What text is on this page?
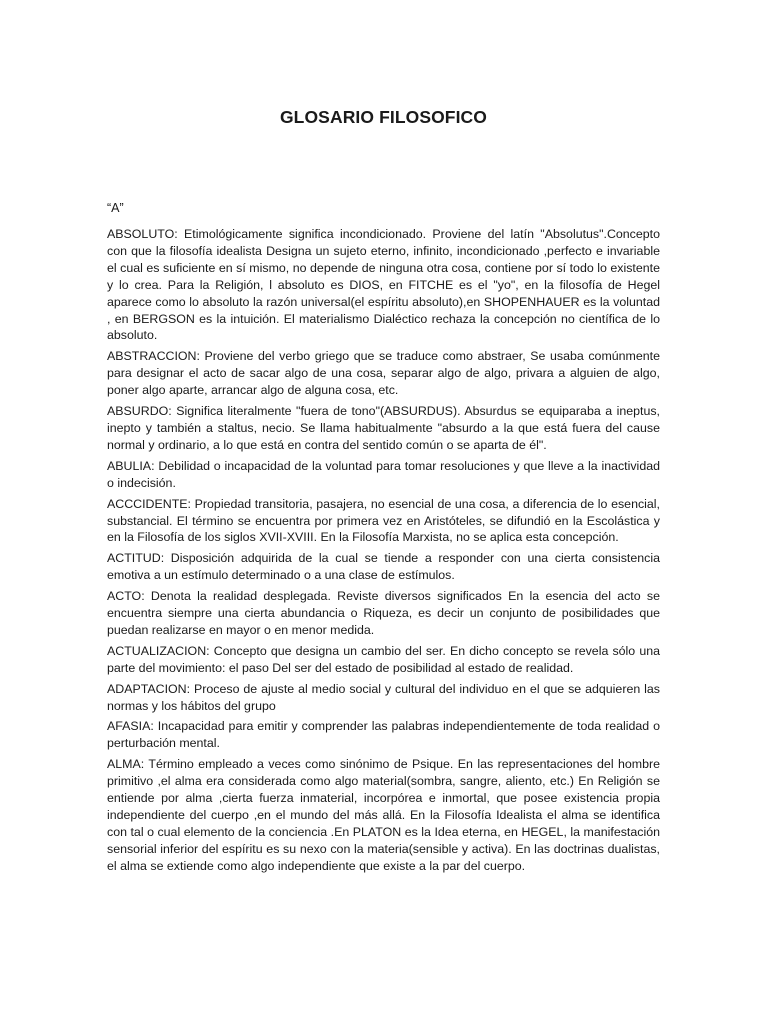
GLOSARIO FILOSOFICO

“A”

ABSOLUTO: Etimológicamente significa incondicionado. Proviene del latín "Absolutus".Concepto con que la filosofía idealista Designa un sujeto eterno, infinito, incondicionado ,perfecto e invariable el cual es suficiente en sí mismo, no depende de ninguna otra cosa, contiene por sí todo lo existente y lo crea. Para la Religión, l absoluto es DIOS, en FITCHE es el "yo", en la filosofía de Hegel aparece como lo absoluto la razón universal(el espíritu absoluto),en SHOPENHAUER es la voluntad , en BERGSON es la intuición. El materialismo Dialéctico rechaza la concepción no científica de lo absoluto.

ABSTRACCION: Proviene del verbo griego que se traduce como abstraer, Se usaba comúnmente para designar el acto de sacar algo de una cosa, separar algo de algo, privara a alguien de algo, poner algo aparte, arrancar algo de alguna cosa, etc.

ABSURDO: Significa literalmente "fuera de tono"(ABSURDUS). Absurdus se equiparaba a ineptus, inepto y también a staltus, necio. Se llama habitualmente "absurdo a la que está fuera del cause normal y ordinario, a lo que está en contra del sentido común o se aparta de él".

ABULIA: Debilidad o incapacidad de la voluntad para tomar resoluciones y que lleve a la inactividad o indecisión.

ACCCIDENTE: Propiedad transitoria, pasajera, no esencial de una cosa, a diferencia de lo esencial, substancial. El término se encuentra por primera vez en Aristóteles, se difundió en la Escolástica y en la Filosofía de los siglos XVII-XVIII. En la Filosofía Marxista, no se aplica esta concepción.

ACTITUD: Disposición adquirida de la cual se tiende a responder con una cierta consistencia emotiva a un estímulo determinado o a una clase de estímulos.

ACTO: Denota la realidad desplegada. Reviste diversos significados En la esencia del acto se encuentra siempre una cierta abundancia o Riqueza, es decir un conjunto de posibilidades que puedan realizarse en mayor o en menor medida.

ACTUALIZACION: Concepto que designa un cambio del ser. En dicho concepto se revela sólo una parte del movimiento: el paso Del ser del estado de posibilidad al estado de realidad.

ADAPTACION: Proceso de ajuste al medio social y cultural del individuo en el que se adquieren las normas y los hábitos del grupo

AFASIA: Incapacidad para emitir y comprender las palabras independientemente de toda realidad o perturbación mental.

ALMA: Término empleado a veces como sinónimo de Psique. En las representaciones del hombre primitivo ,el alma era considerada como algo material(sombra, sangre, aliento, etc.) En Religión se entiende por alma ,cierta fuerza inmaterial, incorpórea e inmortal, que posee existencia propia independiente del cuerpo ,en el mundo del más allá. En la Filosofía Idealista el alma se identifica con tal o cual elemento de la conciencia .En PLATON es la Idea eterna, en HEGEL, la manifestación sensorial inferior del espíritu es su nexo con la materia(sensible y activa). En las doctrinas dualistas, el alma se extiende como algo independiente que existe a la par del cuerpo.
